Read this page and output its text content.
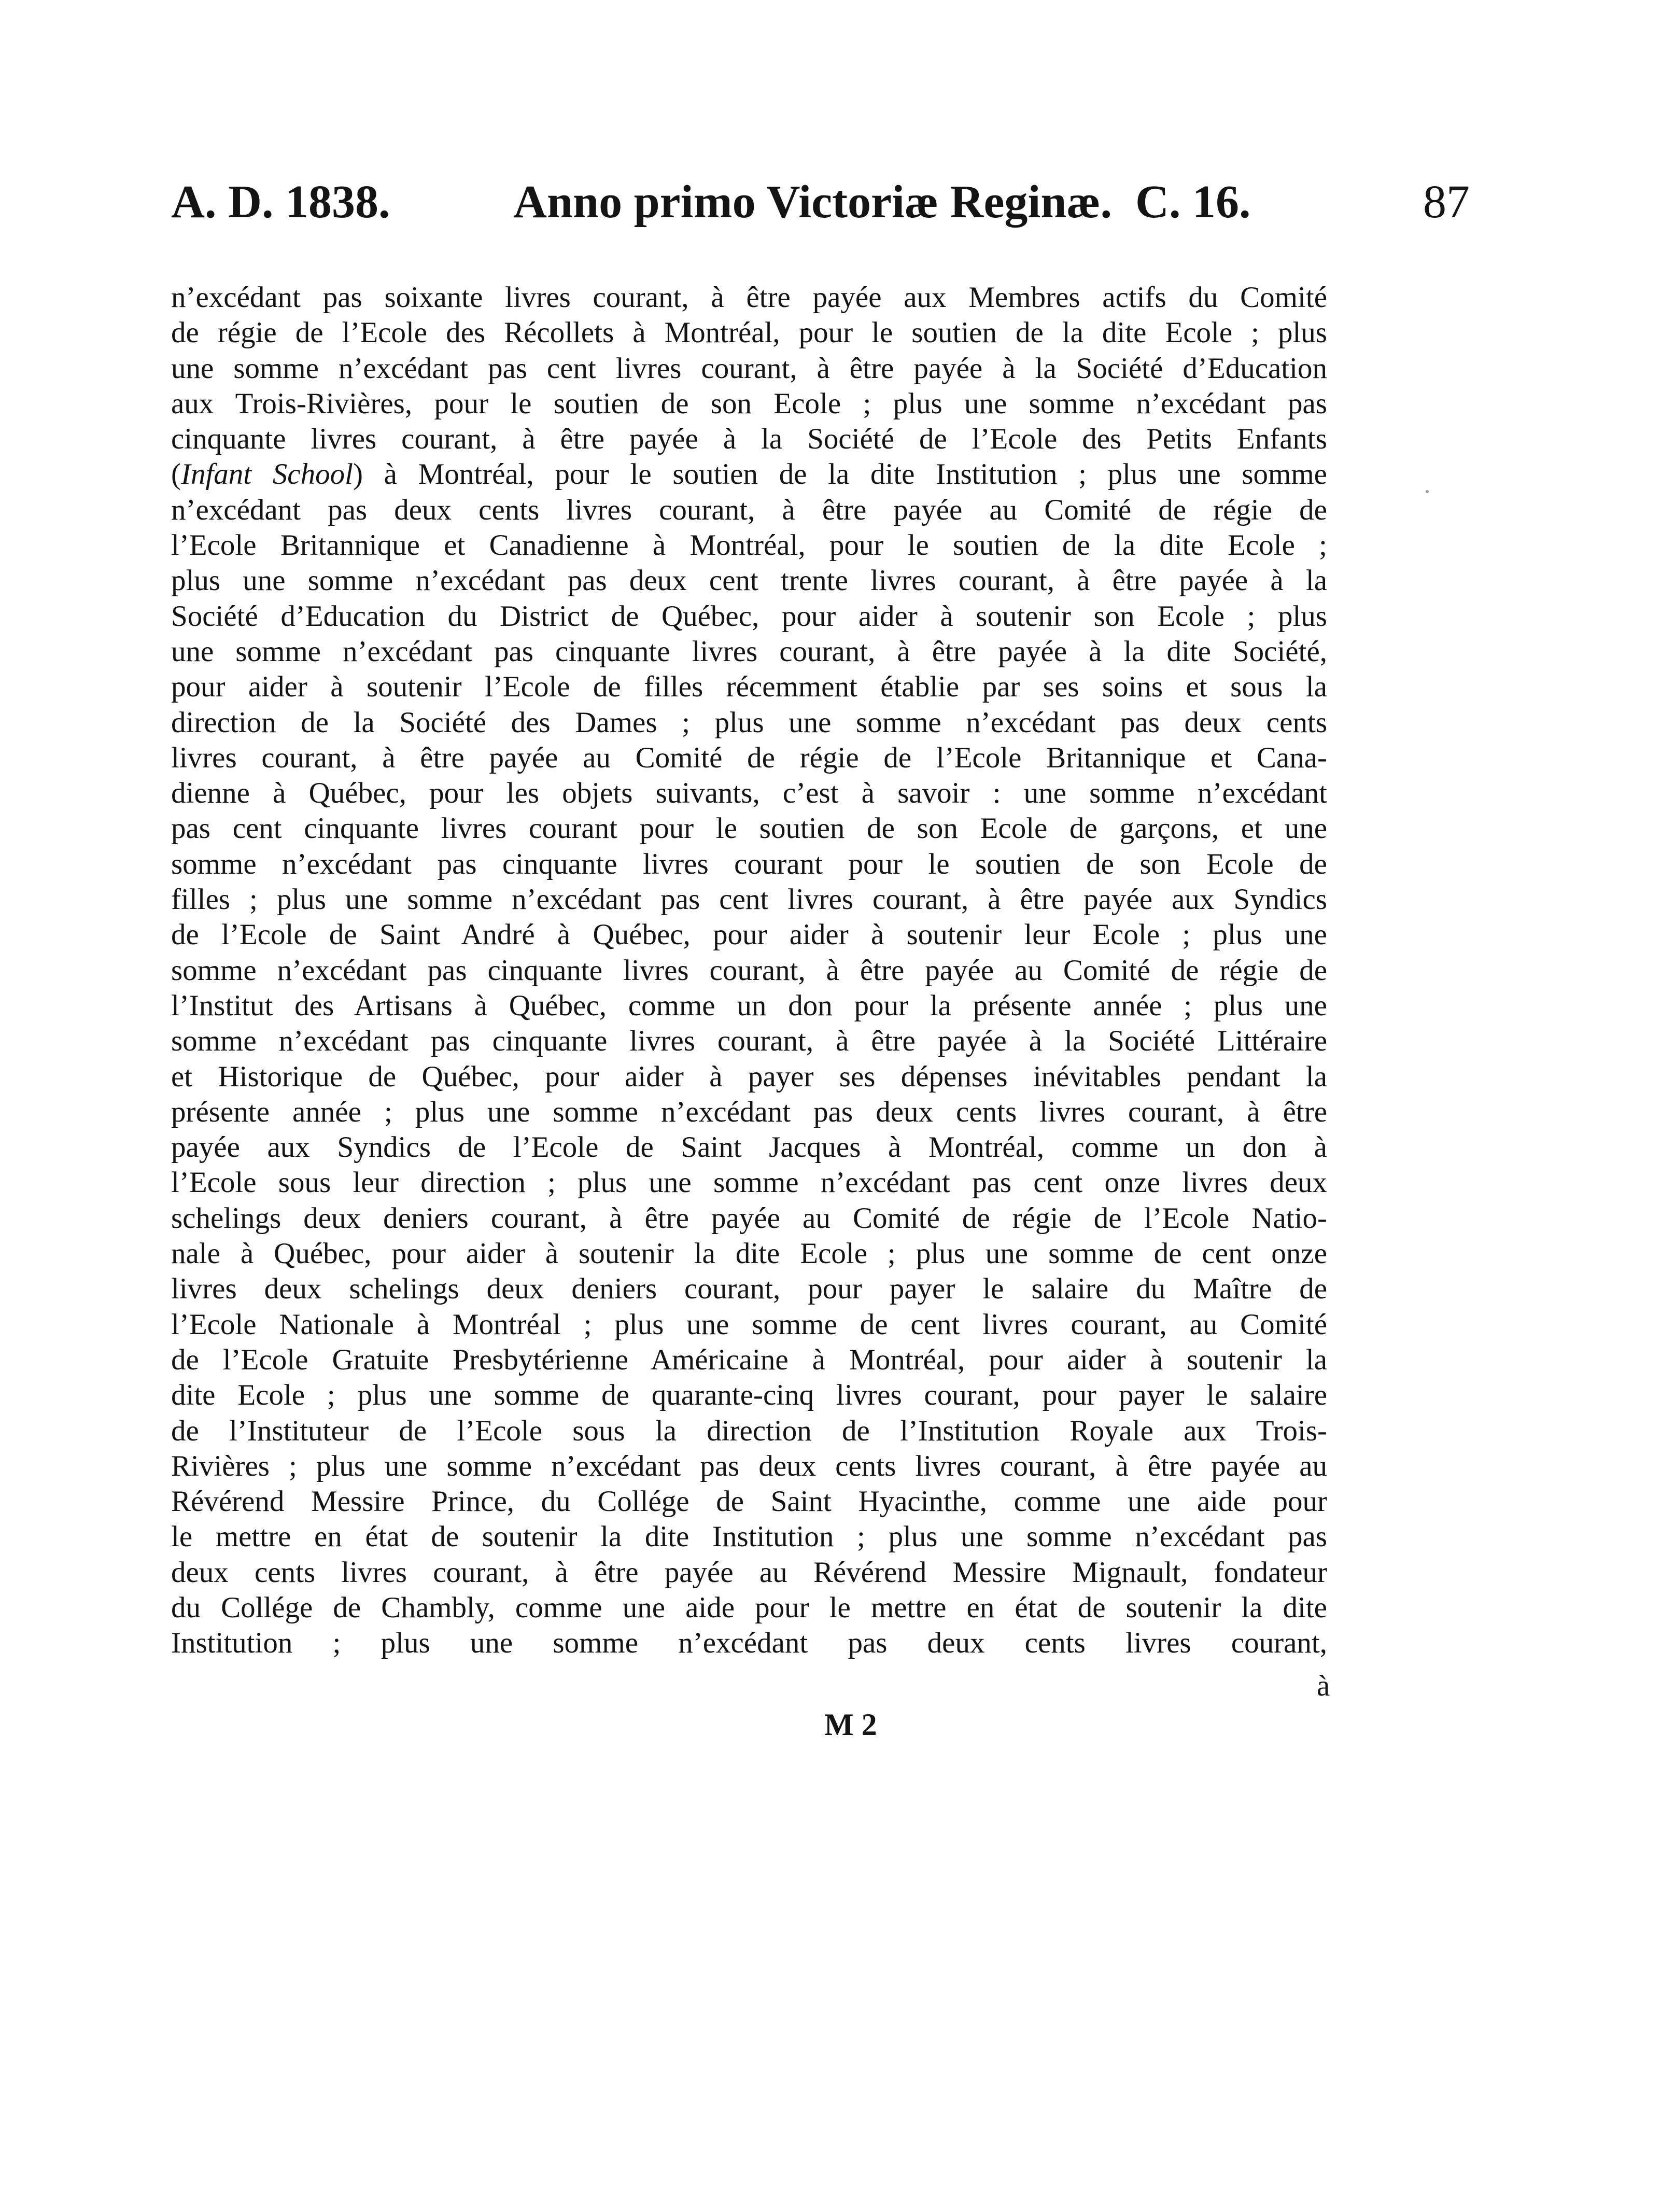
A. D. 1838.	Anno primo Victoriæ Reginæ. C. 16.	87
n’excédant pas soixante livres courant, à être payée aux Membres actifs du Comité
de régie de l’Ecole des Récollets à Montréal, pour le soutien de la dite Ecole ; plus
une somme n’excédant pas cent livres courant, à être payée à la Société d’Education
aux Trois-Rivières, pour le soutien de son Ecole ; plus une somme n’excédant pas
cinquante livres courant, à être payée à la Société de l’Ecole des Petits Enfants
(Infant School) à Montréal, pour le soutien de la dite Institution ; plus une somme
n’excédant pas deux cents livres courant, à être payée au Comité de régie de
l’Ecole Britannique et Canadienne à Montréal, pour le soutien de la dite Ecole ;
plus une somme n’excédant pas deux cent trente livres courant, à être payée à la
Société d’Education du District de Québec, pour aider à soutenir son Ecole ; plus
une somme n’excédant pas cinquante livres courant, à être payée à la dite Société,
pour aider à soutenir l’Ecole de filles récemment établie par ses soins et sous la
direction de la Société des Dames ; plus une somme n’excédant pas deux cents
livres courant, à être payée au Comité de régie de l’Ecole Britannique et Cana-
dienne à Québec, pour les objets suivants, c’est à savoir : une somme n’excédant
pas cent cinquante livres courant pour le soutien de son Ecole de garçons, et une
somme n’excédant pas cinquante livres courant pour le soutien de son Ecole de
filles ; plus une somme n’excédant pas cent livres courant, à être payée aux Syndics
de l’Ecole de Saint André à Québec, pour aider à soutenir leur Ecole ; plus une
somme n’excédant pas cinquante livres courant, à être payée au Comité de régie de
l’Institut des Artisans à Québec, comme un don pour la présente année ; plus une
somme n’excédant pas cinquante livres courant, à être payée à la Société Littéraire
et Historique de Québec, pour aider à payer ses dépenses inévitables pendant la
présente année ; plus une somme n’excédant pas deux cents livres courant, à être
payée aux Syndics de l’Ecole de Saint Jacques à Montréal, comme un don à
l’Ecole sous leur direction ; plus une somme n’excédant pas cent onze livres deux
schelings deux deniers courant, à être payée au Comité de régie de l’Ecole Natio-
nale à Québec, pour aider à soutenir la dite Ecole ; plus une somme de cent onze
livres deux schelings deux deniers courant, pour payer le salaire du Maître de
l’Ecole Nationale à Montréal ; plus une somme de cent livres courant, au Comité
de l’Ecole Gratuite Presbytérienne Américaine à Montréal, pour aider à soutenir la
dite Ecole ; plus une somme de quarante-cinq livres courant, pour payer le salaire
de l’Instituteur de l’Ecole sous la direction de l’Institution Royale aux Trois-
Rivières ; plus une somme n’excédant pas deux cents livres courant, à être payée au
Révérend Messire Prince, du Collége de Saint Hyacinthe, comme une aide pour
le mettre en état de soutenir la dite Institution ; plus une somme n’excédant pas
deux cents livres courant, à être payée au Révérend Messire Mignault, fondateur
du Collége de Chambly, comme une aide pour le mettre en état de soutenir la dite
Institution ; plus une somme n’excédant pas deux cents livres courant,
à
M 2
